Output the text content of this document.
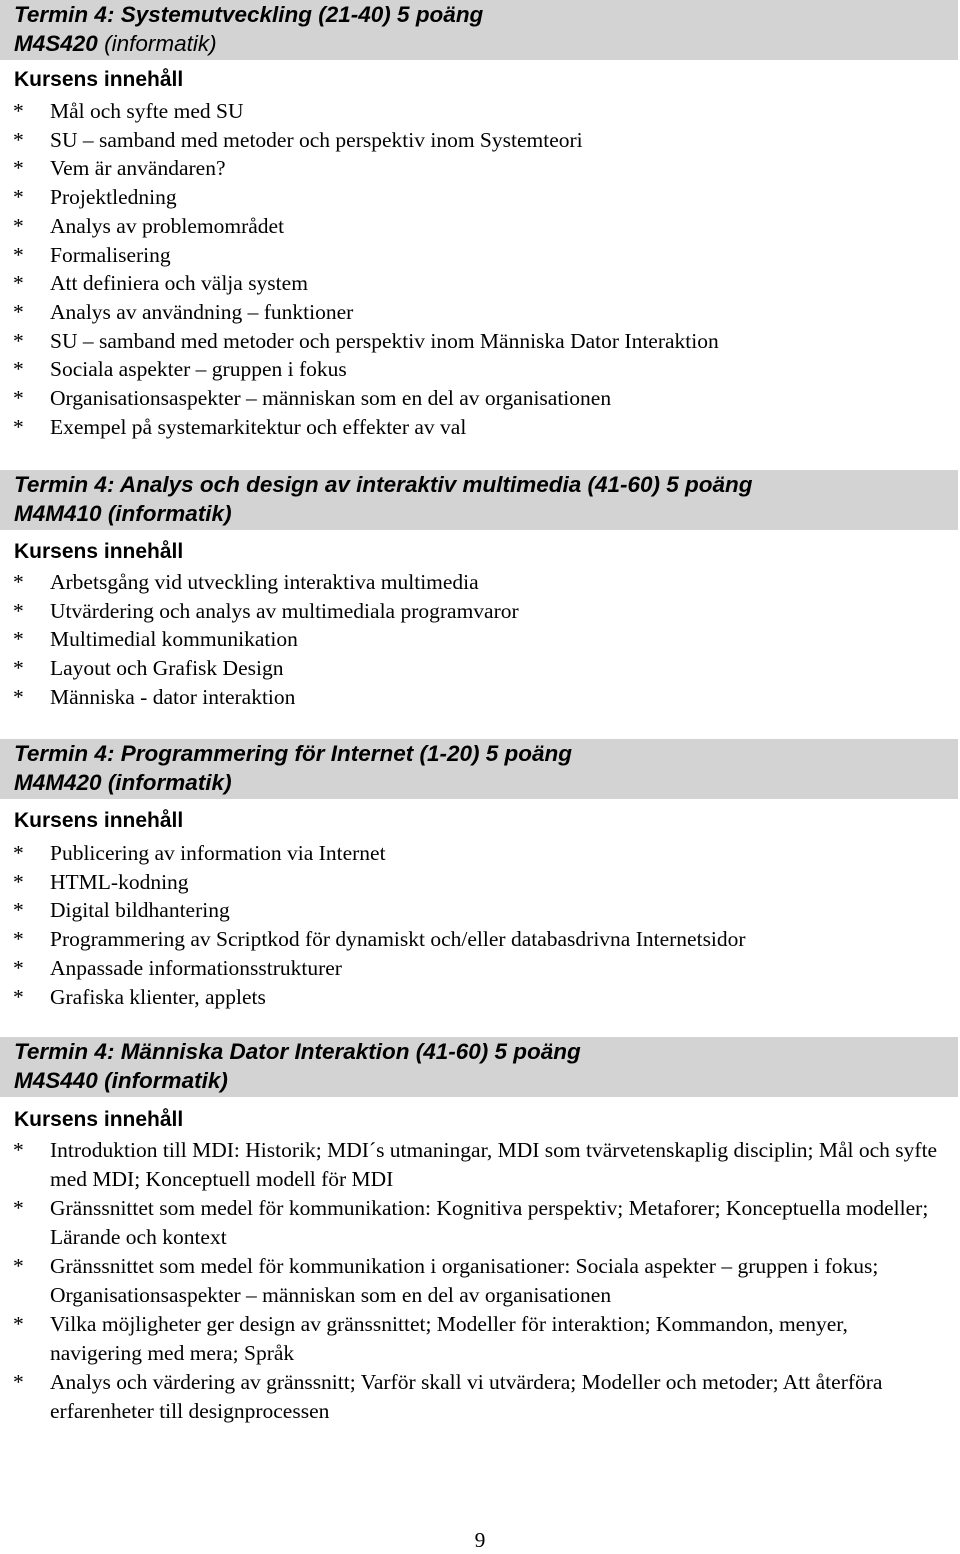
Termin 4: Systemutveckling (21-40) 5 poäng
M4S420 (informatik)
Kursens innehåll
* Mål och syfte med SU
* SU – samband med metoder och perspektiv inom Systemteori
* Vem är användaren?
* Projektledning
* Analys av problemområdet
* Formalisering
* Att definiera och välja system
* Analys av användning – funktioner
* SU – samband med metoder och perspektiv inom Människa Dator Interaktion
* Sociala aspekter – gruppen i fokus
* Organisationsaspekter – människan som en del av organisationen
* Exempel på systemarkitektur och effekter av val
Termin 4: Analys och design av interaktiv multimedia (41-60) 5 poäng
M4M410 (informatik)
Kursens innehåll
* Arbetsgång vid utveckling interaktiva multimedia
* Utvärdering och analys av multimediala programvaror
* Multimedial kommunikation
* Layout och Grafisk Design
* Människa - dator interaktion
Termin 4: Programmering för Internet (1-20) 5 poäng
M4M420 (informatik)
Kursens innehåll
* Publicering av information via Internet
* HTML-kodning
* Digital bildhantering
* Programmering av Scriptkod för dynamiskt och/eller databasdrivna Internetsidor
* Anpassade informationsstrukturer
* Grafiska klienter, applets
Termin 4: Människa Dator Interaktion (41-60) 5 poäng
M4S440 (informatik)
Kursens innehåll
* Introduktion till MDI: Historik; MDI´s utmaningar, MDI som tvärvetenskaplig disciplin; Mål och syfte med MDI; Konceptuell modell för MDI
* Gränssnittet som medel för kommunikation: Kognitiva perspektiv; Metaforer; Konceptuella modeller; Lärande och kontext
* Gränssnittet som medel för kommunikation i organisationer: Sociala aspekter – gruppen i fokus; Organisationsaspekter – människan som en del av organisationen
* Vilka möjligheter ger design av gränssnittet; Modeller för interaktion; Kommandon, menyer, navigering med mera; Språk
* Analys och värdering av gränssnitt; Varför skall vi utvärdera; Modeller och metoder; Att återföra erfarenheter till designprocessen
9
